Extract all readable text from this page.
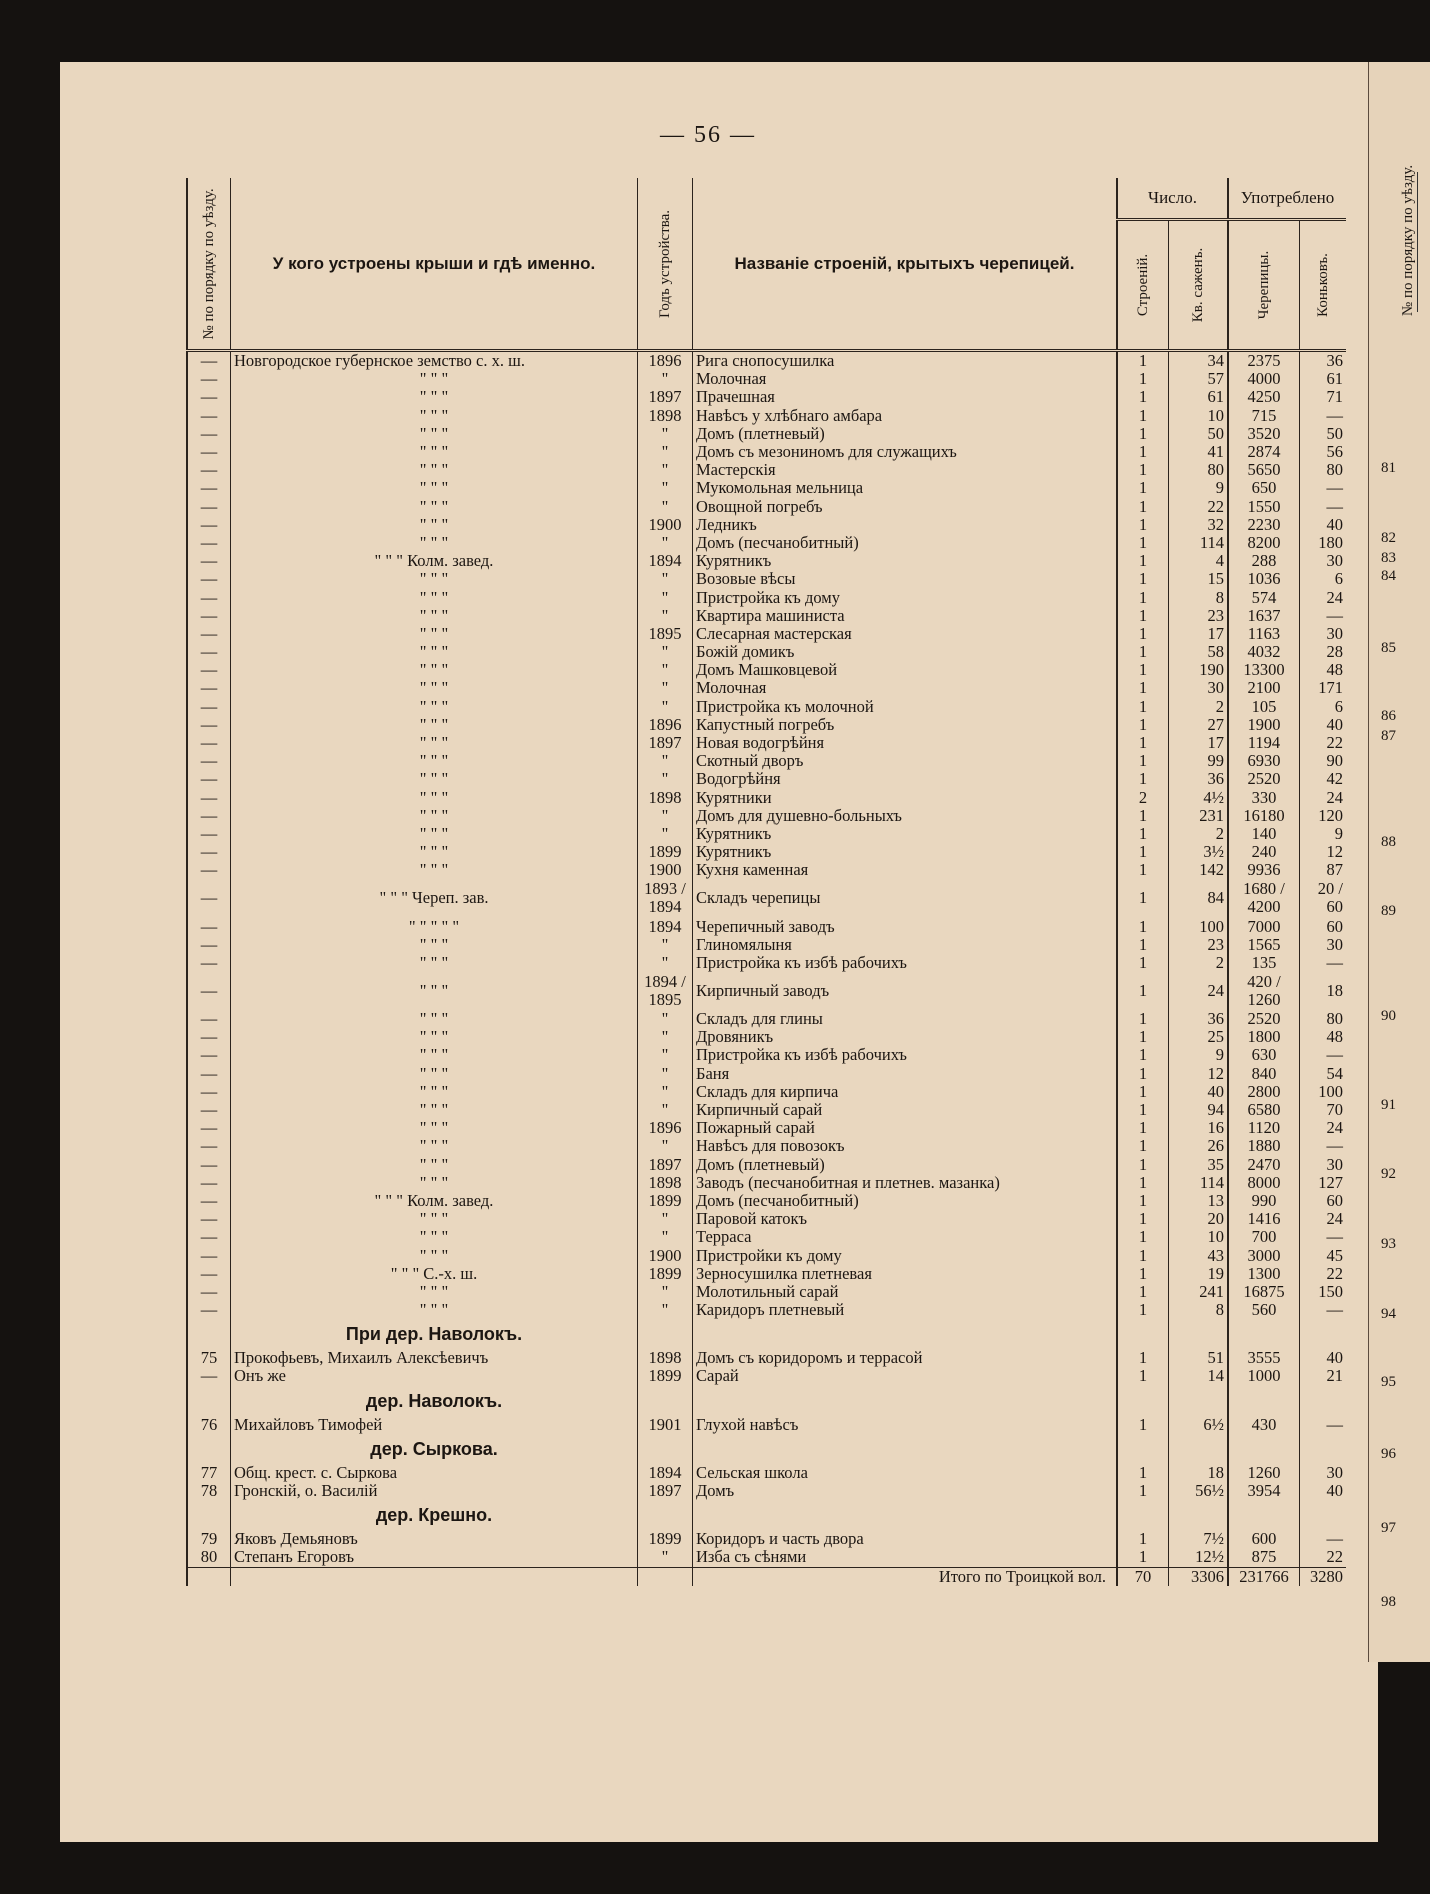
№ по порядку по уѣзду.
81
82
83
84
85
86
87
88
89
90
91
92
93
94
95
96
97
98
— 56 —
№ по порядку по уѣзду.	У кого устроены крыши и гдѣ именно.	Годъ устройства.	Названіе строеній, крытыхъ черепицей.	Число.		Употреблено	

				Строеній.	Кв. саженъ.	Черепицы.	Коньковъ.

—	Новгородское губернское земство с. х. ш.	1896	Рига снопосушилка	1	34	2375	36
—	" " "	"	Молочная	1	57	4000	61
—	" " "	1897	Прачешная	1	61	4250	71
—	" " "	1898	Навѣсъ у хлѣбнаго амбара	1	10	715	—
—	" " "	"	Домъ (плетневый)	1	50	3520	50
—	" " "	"	Домъ съ мезониномъ для служащихъ	1	41	2874	56
—	" " "	"	Мастерскія	1	80	5650	80
—	" " "	"	Мукомольная мельница	1	9	650	—
—	" " "	"	Овощной погребъ	1	22	1550	—
—	" " "	1900	Ледникъ	1	32	2230	40
—	" " "	"	Домъ (песчанобитный)	1	114	8200	180
—	" " " Колм. завед.	1894	Курятникъ	1	4	288	30
—	" " "	"	Возовые вѣсы	1	15	1036	6
—	" " "	"	Пристройка къ дому	1	8	574	24
—	" " "	"	Квартира машиниста	1	23	1637	—
—	" " "	1895	Слесарная мастерская	1	17	1163	30
—	" " "	"	Божій домикъ	1	58	4032	28
—	" " "	"	Домъ Машковцевой	1	190	13300	48
—	" " "	"	Молочная	1	30	2100	171
—	" " "	"	Пристройка къ молочной	1	2	105	6
—	" " "	1896	Капустный погребъ	1	27	1900	40
—	" " "	1897	Новая водогрѣйня	1	17	1194	22
—	" " "	"	Скотный дворъ	1	99	6930	90
—	" " "	"	Водогрѣйня	1	36	2520	42
—	" " "	1898	Курятники	2	4½	330	24
—	" " "	"	Домъ для душевно-больныхъ	1	231	16180	120
—	" " "	"	Курятникъ	1	2	140	9
—	" " "	1899	Курятникъ	1	3½	240	12
—	" " "	1900	Кухня каменная	1	142	9936	87
—	" " " Череп. зав.	1893 / 1894	Складъ черепицы	1	84	1680 / 4200	20 / 60
—	" " " " "	1894	Черепичный заводъ	1	100	7000	60
—	" " "	"	Глиномялыня	1	23	1565	30
—	" " "	"	Пристройка къ избѣ рабочихъ	1	2	135	—
—	" " "	1894 / 1895	Кирпичный заводъ	1	24	420 / 1260	18
—	" " "	"	Складъ для глины	1	36	2520	80
—	" " "	"	Дровяникъ	1	25	1800	48
—	" " "	"	Пристройка къ избѣ рабочихъ	1	9	630	—
—	" " "	"	Баня	1	12	840	54
—	" " "	"	Складъ для кирпича	1	40	2800	100
—	" " "	"	Кирпичный сарай	1	94	6580	70
—	" " "	1896	Пожарный сарай	1	16	1120	24
—	" " "	"	Навѣсъ для повозокъ	1	26	1880	—
—	" " "	1897	Домъ (плетневый)	1	35	2470	30
—	" " "	1898	Заводъ (песчанобитная и плетнев. мазанка)	1	114	8000	127
—	" " " Колм. завед.	1899	Домъ (песчанобитный)	1	13	990	60
—	" " "	"	Паровой катокъ	1	20	1416	24
—	" " "	"	Терраса	1	10	700	—
—	" " "	1900	Пристройки къ дому	1	43	3000	45
—	" " " С.-х. ш.	1899	Зерносушилка плетневая	1	19	1300	22
—	" " "	"	Молотильный сарай	1	241	16875	150
—	" " "	"	Каридоръ плетневый	1	8	560	—
	При дер. Наволокъ.						
75	Прокофьевъ, Михаилъ Алексѣевичъ	1898	Домъ съ коридоромъ и террасой	1	51	3555	40
—	Онъ же	1899	Сарай	1	14	1000	21
	дер. Наволокъ.						
76	Михайловъ Тимофей	1901	Глухой навѣсъ	1	6½	430	—
	дер. Сыркова.						
77	Общ. крест. с. Сыркова	1894	Сельская школа	1	18	1260	30
78	Гронскій, о. Василій	1897	Домъ	1	56½	3954	40
	дер. Крешно.						
79	Яковъ Демьяновъ	1899	Коридоръ и часть двора	1	7½	600	—
80	Степанъ Егоровъ	"	Изба съ сѣнями	1	12½	875	22
			Итого по Троицкой вол.	70	3306	231766	3280
